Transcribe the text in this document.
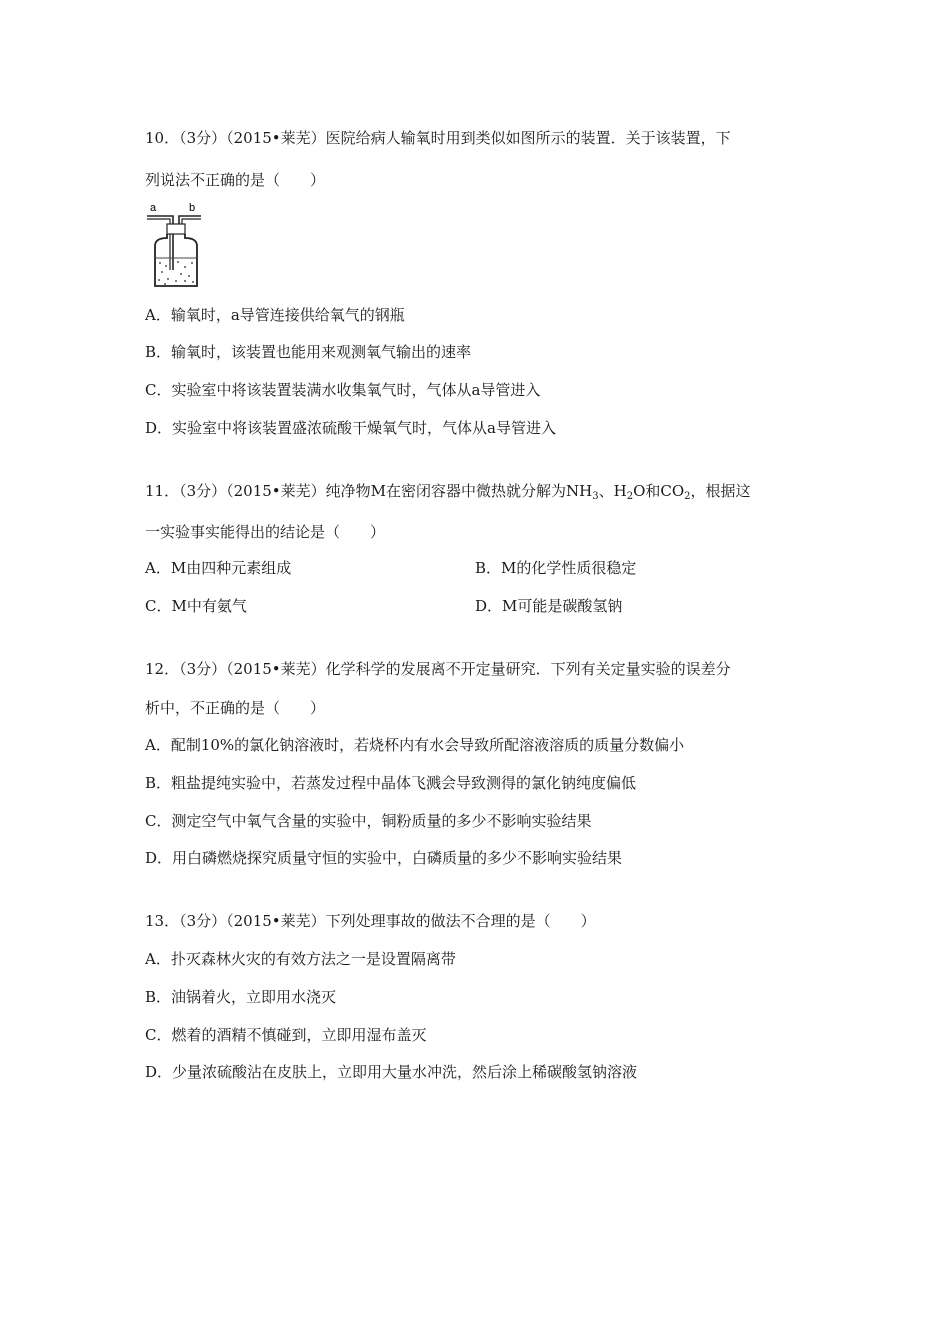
10．（3分）（2015•莱芜）医院给病人输氧时用到类似如图所示的装置．关于该装置，下
列说法不正确的是（　　）
a	b
A．输氧时，a导管连接供给氧气的钢瓶
B．输氧时，该装置也能用来观测氧气输出的速率
C．实验室中将该装置装满水收集氧气时，气体从a导管进入
D．实验室中将该装置盛浓硫酸干燥氧气时，气体从a导管进入
11．（3分）（2015•莱芜）纯净物M在密闭容器中微热就分解为$NH_3$、$H_2O$和$CO_2$，根据这
一实验事实能得出的结论是（　　）
A．M由四种元素组成	B．M的化学性质很稳定
C．M中有氨气	D．M可能是碳酸氢钠
12．（3分）（2015•莱芜）化学科学的发展离不开定量研究．下列有关定量实验的误差分
析中，不正确的是（　　）
A．配制10%的氯化钠溶液时，若烧杯内有水会导致所配溶液溶质的质量分数偏小
B．粗盐提纯实验中，若蒸发过程中晶体飞溅会导致测得的氯化钠纯度偏低
C．测定空气中氧气含量的实验中，铜粉质量的多少不影响实验结果
D．用白磷燃烧探究质量守恒的实验中，白磷质量的多少不影响实验结果
13．（3分）（2015•莱芜）下列处理事故的做法不合理的是（　　）
A．扑灭森林火灾的有效方法之一是设置隔离带
B．油锅着火，立即用水浇灭
C．燃着的酒精不慎碰到，立即用湿布盖灭
D．少量浓硫酸沾在皮肤上，立即用大量水冲洗，然后涂上稀碳酸氢钠溶液
